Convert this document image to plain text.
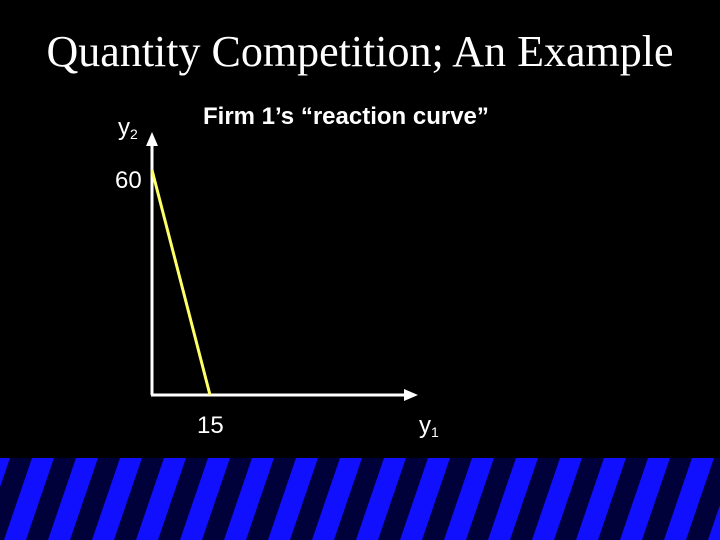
Quantity Competition; An Example
$y_2$
Firm 1’s “reaction curve”
60
15	$y_1$
